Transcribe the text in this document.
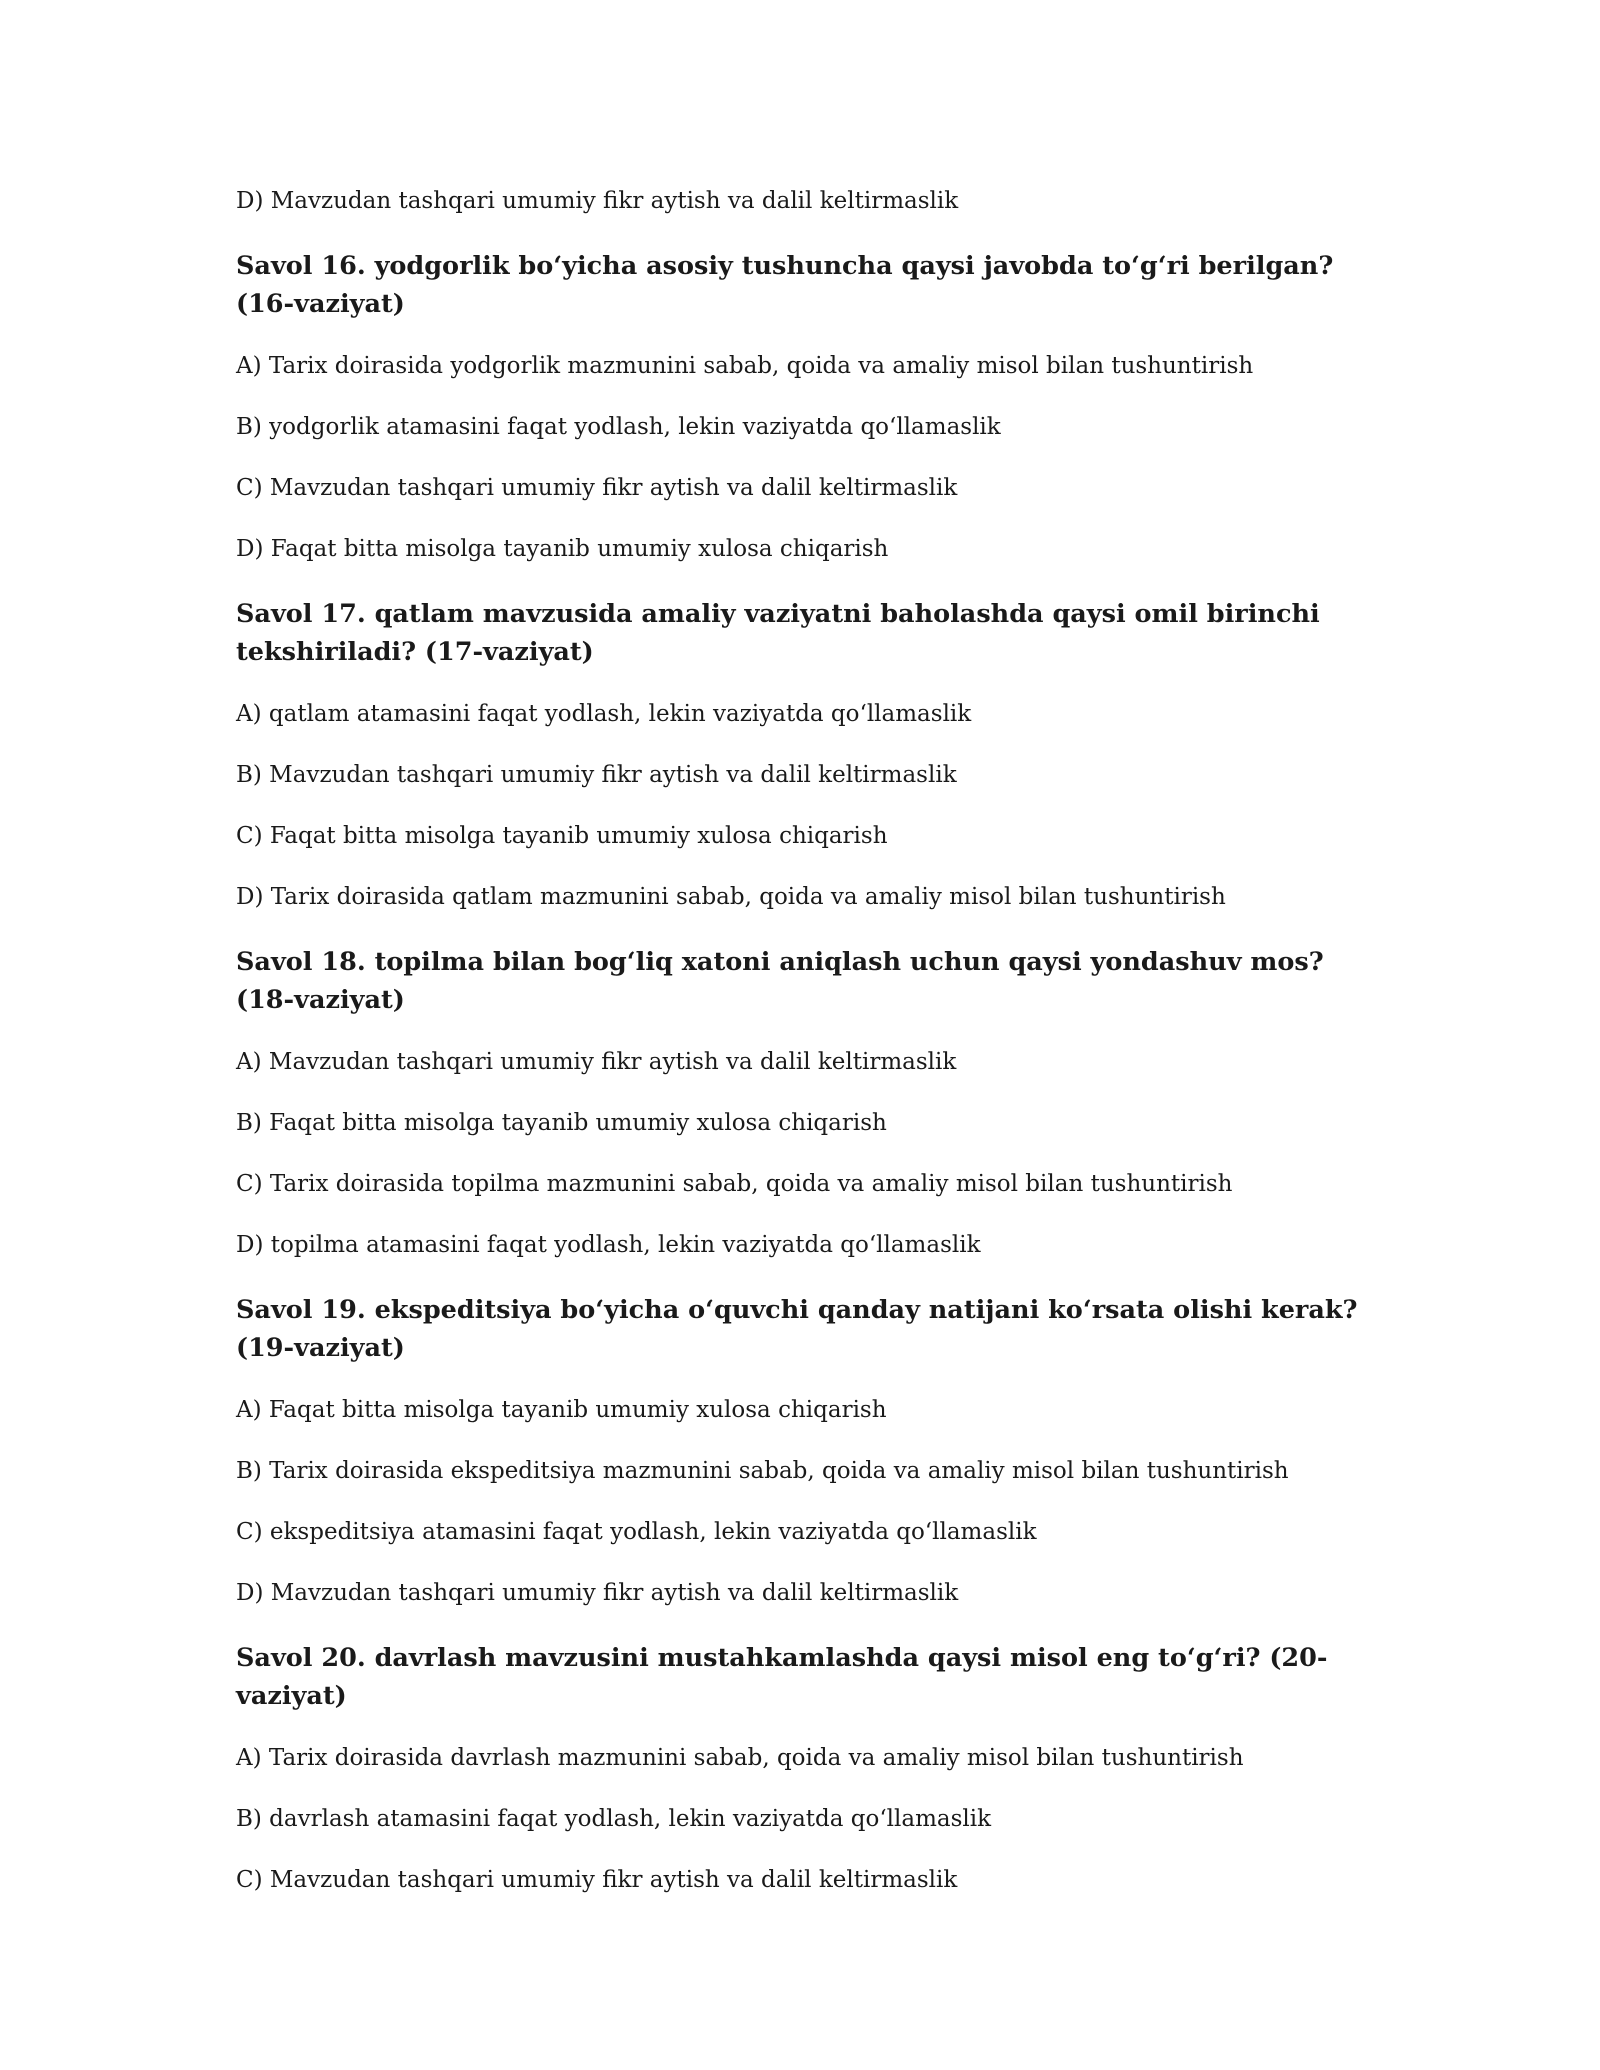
D) Mavzudan tashqari umumiy fikr aytish va dalil keltirmaslik

Savol 16. yodgorlik bo‘yicha asosiy tushuncha qaysi javobda to‘g‘ri berilgan? (16-vaziyat)

A) Tarix doirasida yodgorlik mazmunini sabab, qoida va amaliy misol bilan tushuntirish

B) yodgorlik atamasini faqat yodlash, lekin vaziyatda qo‘llamaslik

C) Mavzudan tashqari umumiy fikr aytish va dalil keltirmaslik

D) Faqat bitta misolga tayanib umumiy xulosa chiqarish

Savol 17. qatlam mavzusida amaliy vaziyatni baholashda qaysi omil birinchi tekshiriladi? (17-vaziyat)

A) qatlam atamasini faqat yodlash, lekin vaziyatda qo‘llamaslik

B) Mavzudan tashqari umumiy fikr aytish va dalil keltirmaslik

C) Faqat bitta misolga tayanib umumiy xulosa chiqarish

D) Tarix doirasida qatlam mazmunini sabab, qoida va amaliy misol bilan tushuntirish

Savol 18. topilma bilan bog‘liq xatoni aniqlash uchun qaysi yondashuv mos? (18-vaziyat)

A) Mavzudan tashqari umumiy fikr aytish va dalil keltirmaslik

B) Faqat bitta misolga tayanib umumiy xulosa chiqarish

C) Tarix doirasida topilma mazmunini sabab, qoida va amaliy misol bilan tushuntirish

D) topilma atamasini faqat yodlash, lekin vaziyatda qo‘llamaslik

Savol 19. ekspeditsiya bo‘yicha o‘quvchi qanday natijani ko‘rsata olishi kerak? (19-vaziyat)

A) Faqat bitta misolga tayanib umumiy xulosa chiqarish

B) Tarix doirasida ekspeditsiya mazmunini sabab, qoida va amaliy misol bilan tushuntirish

C) ekspeditsiya atamasini faqat yodlash, lekin vaziyatda qo‘llamaslik

D) Mavzudan tashqari umumiy fikr aytish va dalil keltirmaslik

Savol 20. davrlash mavzusini mustahkamlashda qaysi misol eng to‘g‘ri? (20-vaziyat)

A) Tarix doirasida davrlash mazmunini sabab, qoida va amaliy misol bilan tushuntirish

B) davrlash atamasini faqat yodlash, lekin vaziyatda qo‘llamaslik

C) Mavzudan tashqari umumiy fikr aytish va dalil keltirmaslik
